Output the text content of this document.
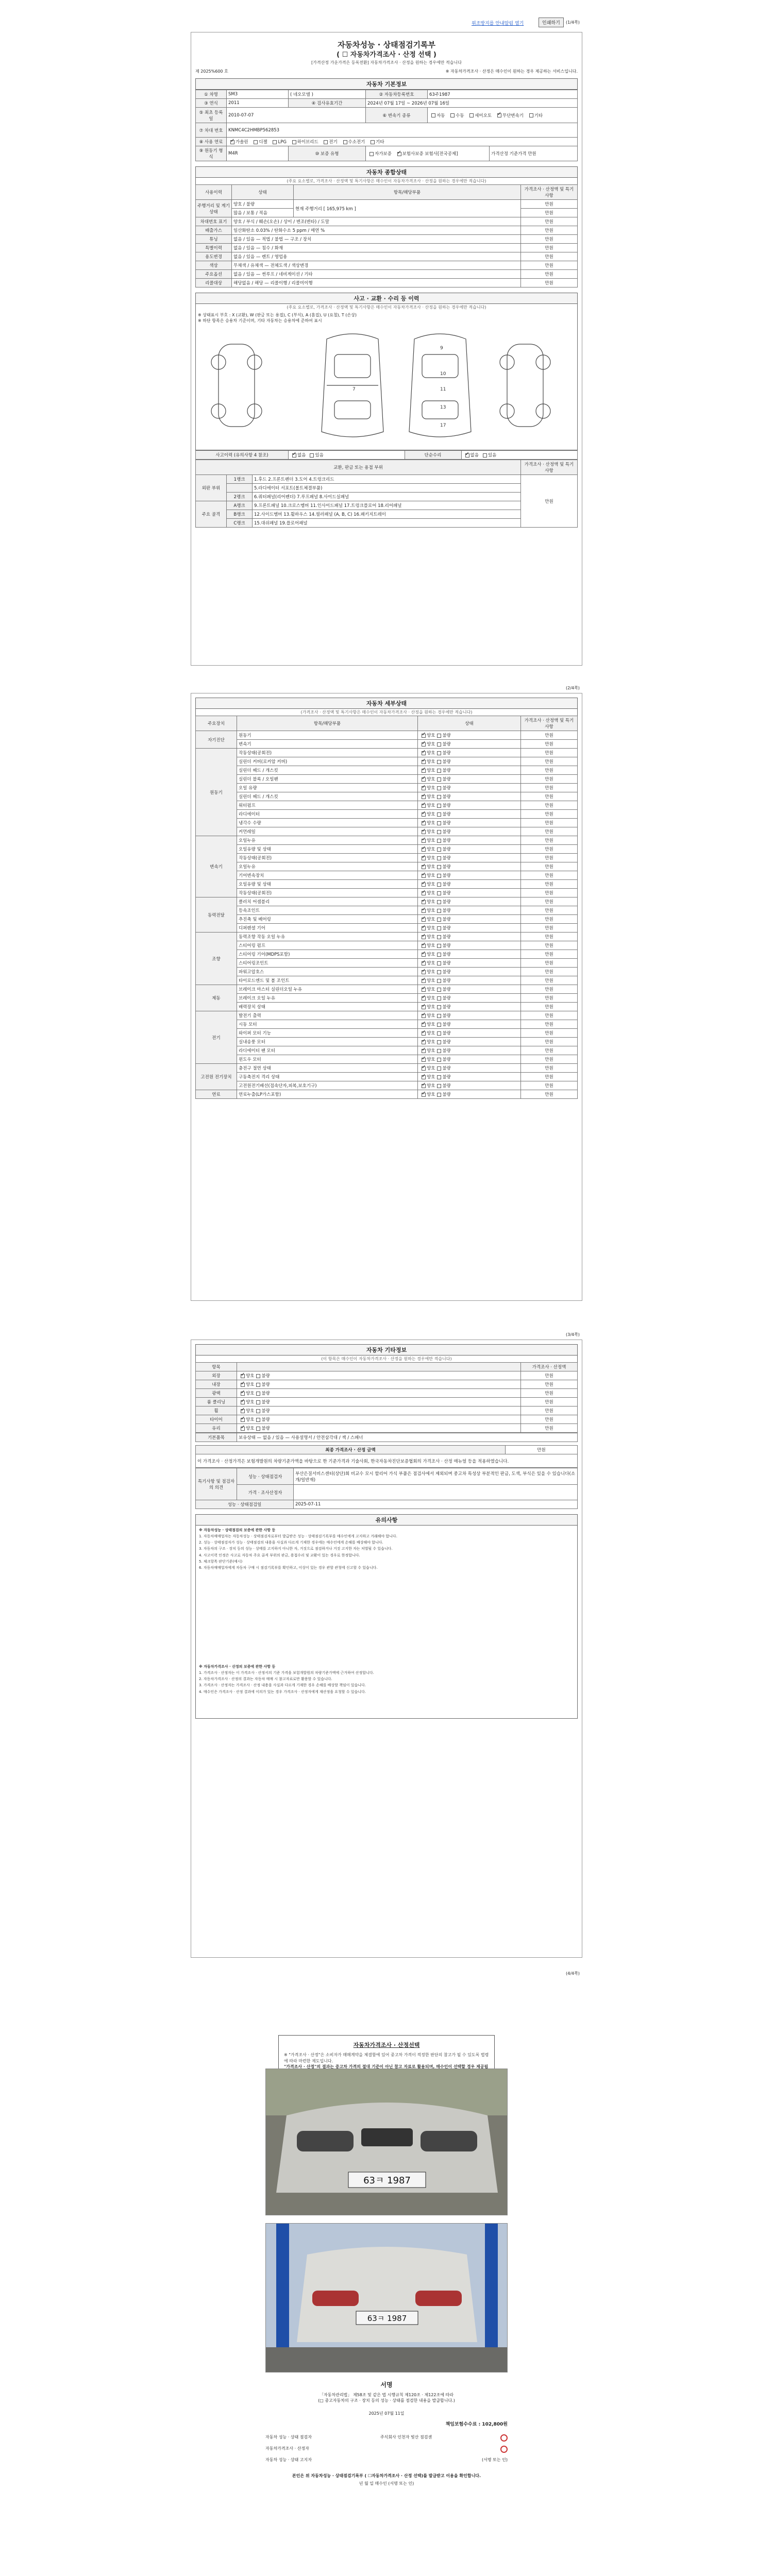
위조방지를 안내알림 열기	인쇄하기	(1/4쪽)
자동차성능 · 상태점검기록부
( ☐ 자동차가격조사 · 산정 선택 )
[가격산정 가운가격은 등록전환] 자동차가격조사 · 산정을 원하는 경우에만 적습니다
제 2025%600 호	※ 자동차가격조사 · 산정은 매수인이 원하는 경우 제공하는 서비스입니다.
자동차 기본정보
① 차명	SM3	( 네오모델 )	② 자동차등록번호	63주1987	
③ 연식	2011	④ 검사유효기간	2024년 07월 17일 ~ 2026년 07월 16일		
⑤ 최초 등록일	2010-07-07		⑥ 변속기 종류	자동 수동 세미오토 ✓ 무단변속기 기타
⑦ 차대 번호	KNMC4C2HMBP562853				
⑧ 사용 연료	✓가솔린 디젤 LPG 하이브리드 전기 수소전기 기타
⑨ 원동기 형식	M4R	⑩ 보증 유형	자가보증 ✓ 보험사보증 보험사[전국공제]		가격산정 기준가격 만원
자동차 종합상태
(주요 요소별로, 가격조사 · 산정액 및 특기사항은 매수인이 자동차가격조사 · 산정을 원하는 경우에만 적습니다)
사용이력	상태	항목/해당부품	가격조사 · 산정액 및 특기사항
주행거리 및 계기상태	양호 / 불량	현재 주행거리 [ 165,975 km ]	만원
	많음 / 보통 / 적음		만원
차대번호 표기	양호 / 부식 / 훼손(오손) / 상이 / 변조(변타) / 도말		만원
배출가스	일산화탄소 0.03% / 탄화수소 5 ppm / 매연 %		만원
튜닝	없음 / 있음 — 적법 / 불법 — 구조 / 장치		만원
특별이력	없음 / 있음 — 침수 / 화재		만원
용도변경	없음 / 있음 — 렌트 / 영업용		만원
색상	무채색 / 유채색 — 전체도색 / 색상변경		만원
주요옵션	없음 / 있음 — 썬루프 / 네비게이션 / 기타		만원
리콜대상	해당없음 / 해당 — 리콜이행 / 리콜미이행		만원
사고 · 교환 · 수리 등 이력
(주요 요소별로, 가격조사 · 산정액 및 특기사항은 매수인이 자동차가격조사 · 산정을 원하는 경우에만 적습니다)
※ 상태표시 부호 : X (교환), W (판금 또는 용접), C (부식), A (흠집), U (요철), T (손상)
※ 하단 항목은 승용차 기준이며, 기타 자동차는 승용차에 준하여 표시
9
10
11
13
17
7
사고이력 (유의사항 4 참조)	✓없음 있음	단순수리	✓없음 있음
교환, 판금 또는 용접 부위			가격조사 · 산정액 및 특기사항
외판 부위	1랭크	1.후드 2.프론트펜더 3.도어 4.트렁크리드	만원
		5.라디에이터 서포트(볼트체결부품)	
	2랭크	6.쿼터패널(리어펜더) 7.루프패널 8.사이드실패널	
주요 골격	A랭크	9.프론트패널 10.크로스멤버 11.인사이드패널 17.트렁크플로어 18.리어패널	
	B랭크	12.사이드멤버 13.휠하우스 14.필러패널 (A, B, C) 16.패키지트레이	
	C랭크	15.대쉬패널 19.플로어패널	
(2/4쪽)
자동차 세부상태
(가격조사 · 산정액 및 특기사항은 매수인이 자동차가격조사 · 산정을 원하는 경우에만 적습니다)
주요장치	항목/해당부품	상태	가격조사 · 산정액 및 특기사항
자기진단	원동기	✓양호 불량	만원
	변속기	✓양호 불량	만원
원동기	작동상태(공회전)	✓양호 불량	만원
	실린더 커버(로커암 커버)	✓양호 불량	만원
	실린더 헤드 / 개스킷	✓양호 불량	만원
	실린더 블록 / 오일팬	✓양호 불량	만원
	오일 유량	✓양호 불량	만원
	실린더 헤드 / 개스킷	✓양호 불량	만원
	워터펌프	✓양호 불량	만원
	라디에이터	✓양호 불량	만원
	냉각수 수량	✓양호 불량	만원
	커먼레일	✓양호 불량	만원
변속기	오일누유	✓양호 불량	만원
	오일유량 및 상태	✓양호 불량	만원
	작동상태(공회전)	✓양호 불량	만원
	오일누유	✓양호 불량	만원
	기어변속장치	✓양호 불량	만원
	오일유량 및 상태	✓양호 불량	만원
	작동상태(공회전)	✓양호 불량	만원
동력전달	클러치 어셈블리	✓양호 불량	만원
	등속조인트	✓양호 불량	만원
	추진축 및 베어링	✓양호 불량	만원
	디퍼렌셜 기어	✓양호 불량	만원
조향	동력조향 작동 오일 누유	✓양호 불량	만원
	스티어링 펌프	✓양호 불량	만원
	스티어링 기어(MDPS포함)	✓양호 불량	만원
	스티어링조인트	✓양호 불량	만원
	파워고압호스	✓양호 불량	만원
	타이로드엔드 및 볼 조인트	✓양호 불량	만원
제동	브레이크 마스터 실린더오일 누유	✓양호 불량	만원
	브레이크 오일 누유	✓양호 불량	만원
	배력장치 상태	✓양호 불량	만원
전기	발전기 출력	✓양호 불량	만원
	시동 모터	✓양호 불량	만원
	와이퍼 모터 기능	✓양호 불량	만원
	실내송풍 모터	✓양호 불량	만원
	라디에이터 팬 모터	✓양호 불량	만원
	윈도우 모터	✓양호 불량	만원
고전원 전기장치	충전구 절연 상태	✓양호 불량	만원
	구동축전지 격리 상태	✓양호 불량	만원
	고전원전기배선(접속단자,피복,보호기구)	✓양호 불량	만원
연료	연료누출(LP가스포함)	✓양호 불량	만원
(3/4쪽)
자동차 기타정보
(이 항목은 매수인이 자동차가격조사 · 산정을 원하는 경우에만 적습니다)
항목		가격조사 · 산정액
외장	✓양호 불량	만원
내장	✓양호 불량	만원
광택	✓양호 불량	만원
룸 클리닝	✓양호 불량	만원
휠	✓양호 불량	만원
타이어	✓양호 불량	만원
유리	✓양호 불량	만원
기본품목	보유상태 — 없음 / 있음 — 사용설명서 / 안전삼각대 / 잭 / 스패너
최종 가격조사 · 산정 금액	만원
이 가격조사 · 산정가격은 보험개발원의 차량기준가액을 바탕으로 한 기준가격과 기술사회, 한국자동차진단보증협회의 가격조사 · 산정 매뉴얼 등을 적용하였습니다.
특기사항 및 점검자의 의견	성능 · 상태점검자	부산은질서비스센터(상단)회 비교수 모시 할리어 가식 부품은 점검사에서 제외되며 중고차 특성상 부분적인 판금, 도색, 부식은 있을 수 있습니다(소개/일반재)
	가격 · 조사산정자	
성능 · 상태점검일		2025-07-11
유의사항

※ 자동차성능 · 상태점검의 보증에 관한 사항 등

1. 자동차매매업자는 자동차성능 · 상태점검자로부터 발급받은 성능 · 상태점검기록부를 매수인에게 고지하고 거래해야 합니다.

2. 성능 · 상태점검자가 성능 · 상태점검의 내용을 사실과 다르게 기재한 경우에는 매수인에게 손해를 배상해야 합니다.

3. 자동차의 구조 · 장치 등의 성능 · 상태를 고지하지 아니한 자, 거짓으로 점검하거나 거짓 고지한 자는 처벌될 수 있습니다.

4. 사고이력 인정은 사고로 자동차 주요 골격 부위의 판금, 용접수리 및 교환이 있는 경우로 한정합니다.

5. 체크항목 판단기준(예시)

6. 자동차매매업자에게 자동차 구매 시 점검기록부를 확인하고, 이상이 있는 경우 관할 관청에 신고할 수 있습니다.

※ 자동차가격조사 · 산정의 보증에 관한 사항 등

1. 가격조사 · 산정자는 이 가격조사 · 산정서의 기준 가격을 보험개발원의 차량기준가액에 근거하여 산정합니다.

2. 자동차가격조사 · 산정의 결과는 자동차 매매 시 참고자료로만 활용할 수 있습니다.

3. 가격조사 · 산정자는 가격조사 · 산정 내용을 사실과 다르게 기재한 경우 손해를 배상할 책임이 있습니다.

4. 매수인은 가격조사 · 산정 결과에 이의가 있는 경우 가격조사 · 산정자에게 재산정을 요청할 수 있습니다.

(4/4쪽)
자동차가격조사 · 산정선택
※ "가격조사 · 산정"은 소비자가 매매계약을 체결함에 있어 중고차 가격이 적정한 판단의 참고가 될 수 있도록 법령에 따라 마련한 제도입니다.
"가격조사 · 산정"의 결과는 중고차 가격의 절대 기준이 아닌 참고 자료로 활용되며, 매수인이 선택할 경우 제공됩
63ㅋ 1987
63ㅋ 1987
서명
「자동차관리법」 제58조 및 같은 법 시행규칙 제120조 · 제122조에 따라
(□ 중고자동차의 구조 · 장치 등의 성능 · 상태를 점검한 내용을 발급합니다.)
2025년 07월 11일
책임보험수수료 : 102,800원
자동차 성능 · 상태 점검자	주식회사 인천자 빛산 점검센
자동차가격조사 · 산정자
자동차 성능 · 상태 고지자	(서명 또는 인)
본인은 위 자동차성능 · 상태점검기록부 ( ☐자동차가격조사 · 산정 선택)를 발급받고 이용을 확인합니다.
년 월 일 매수인 (서명 또는 인)
